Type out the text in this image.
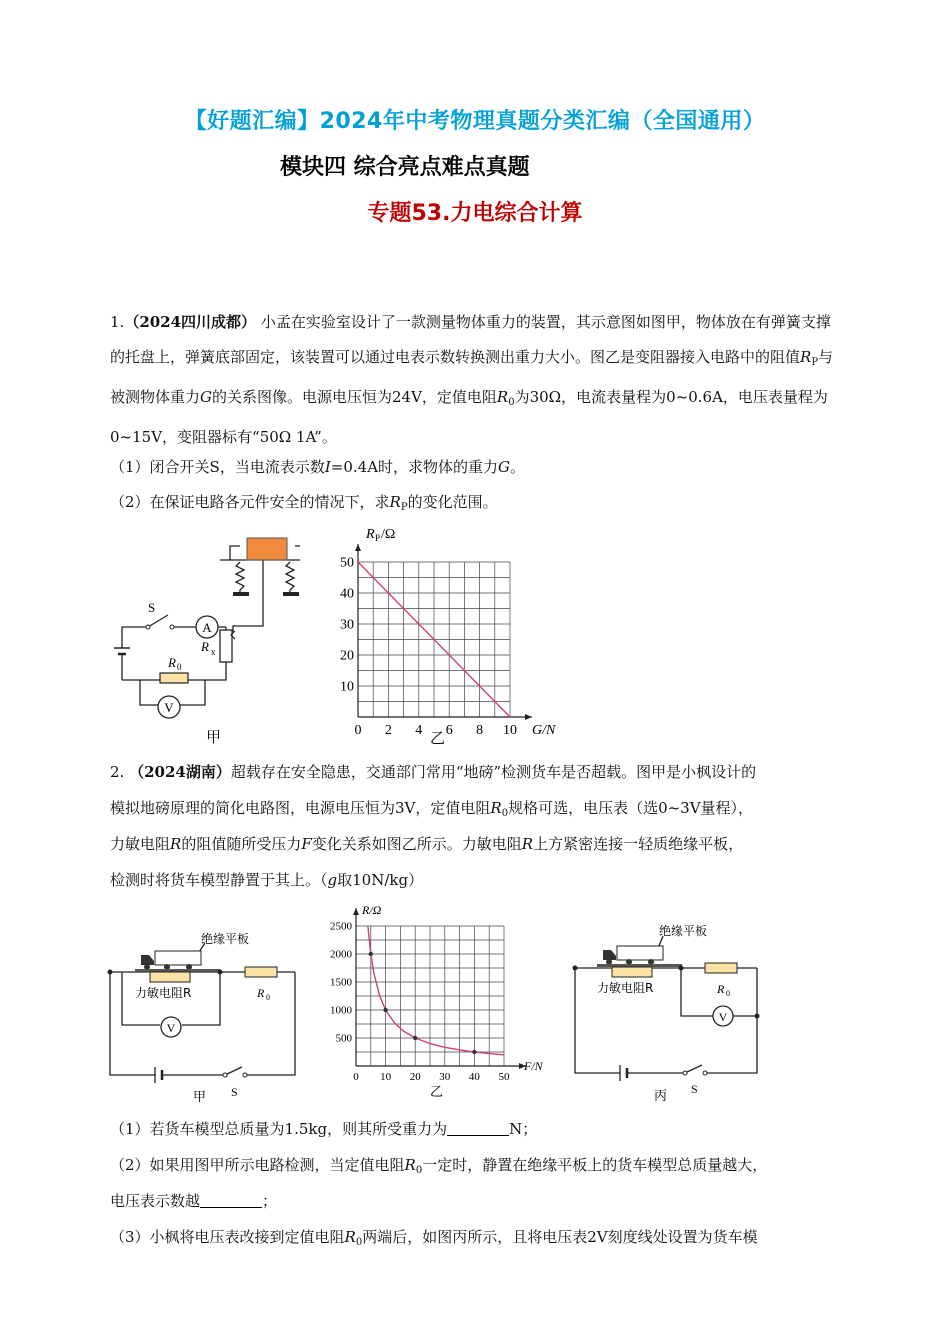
【好题汇编】2024年中考物理真题分类汇编（全国通用）
模块四 综合亮点难点真题
专题53.力电综合计算

1.（2024四川成都） 小孟在实验室设计了一款测量物体重力的装置，其示意图如图甲，物体放在有弹簧支撑的托盘上，弹簧底部固定，该装置可以通过电表示数转换测出重力大小。图乙是变阻器接入电路中的阻值$R_P$与被测物体重力G的关系图像。电源电压恒为24V，定值电阻$R_0$为30Ω，电流表量程为0~0.6A，电压表量程为0~15V，变阻器标有“50Ω 1A”。

（1）闭合开关S，当电流表示数I=0.4A时，求物体的重力G。
（2）在保证电路各元件安全的情况下，求$R_P$的变化范围。
A
R x
R 0
V
S
甲	0 2 4 6 8 10
10
20
30
40
50
G/N
R P /Ω
乙
2. （2024湖南）超载存在安全隐患，交通部门常用“地磅”检测货车是否超载。图甲是小枫设计的
模拟地磅原理的简化电路图，电源电压恒为3V，定值电阻$R_0$规格可选，电压表（选0~3V量程），
力敏电阻R的阻值随所受压力F变化关系如图乙所示。力敏电阻R上方紧密连接一轻质绝缘平板，
检测时将货车模型静置于其上。（g取10N/kg）
V
绝缘平板
力敏电阻R	R 0
S
甲
0 10 20 30 40 50
500
1000
1500
2000
2500
F/N
R/Ω
乙
V
绝缘平板
力敏电阻R	R 0
S
丙
（1）若货车模型总质量为1.5kg，则其所受重力为	N；
（2）如果用图甲所示电路检测，当定值电阻$R_0$一定时，静置在绝缘平板上的货车模型总质量越大，
电压表示数越	；
（3）小枫将电压表改接到定值电阻$R_0$两端后，如图丙所示，且将电压表2V刻度线处设置为货车模
